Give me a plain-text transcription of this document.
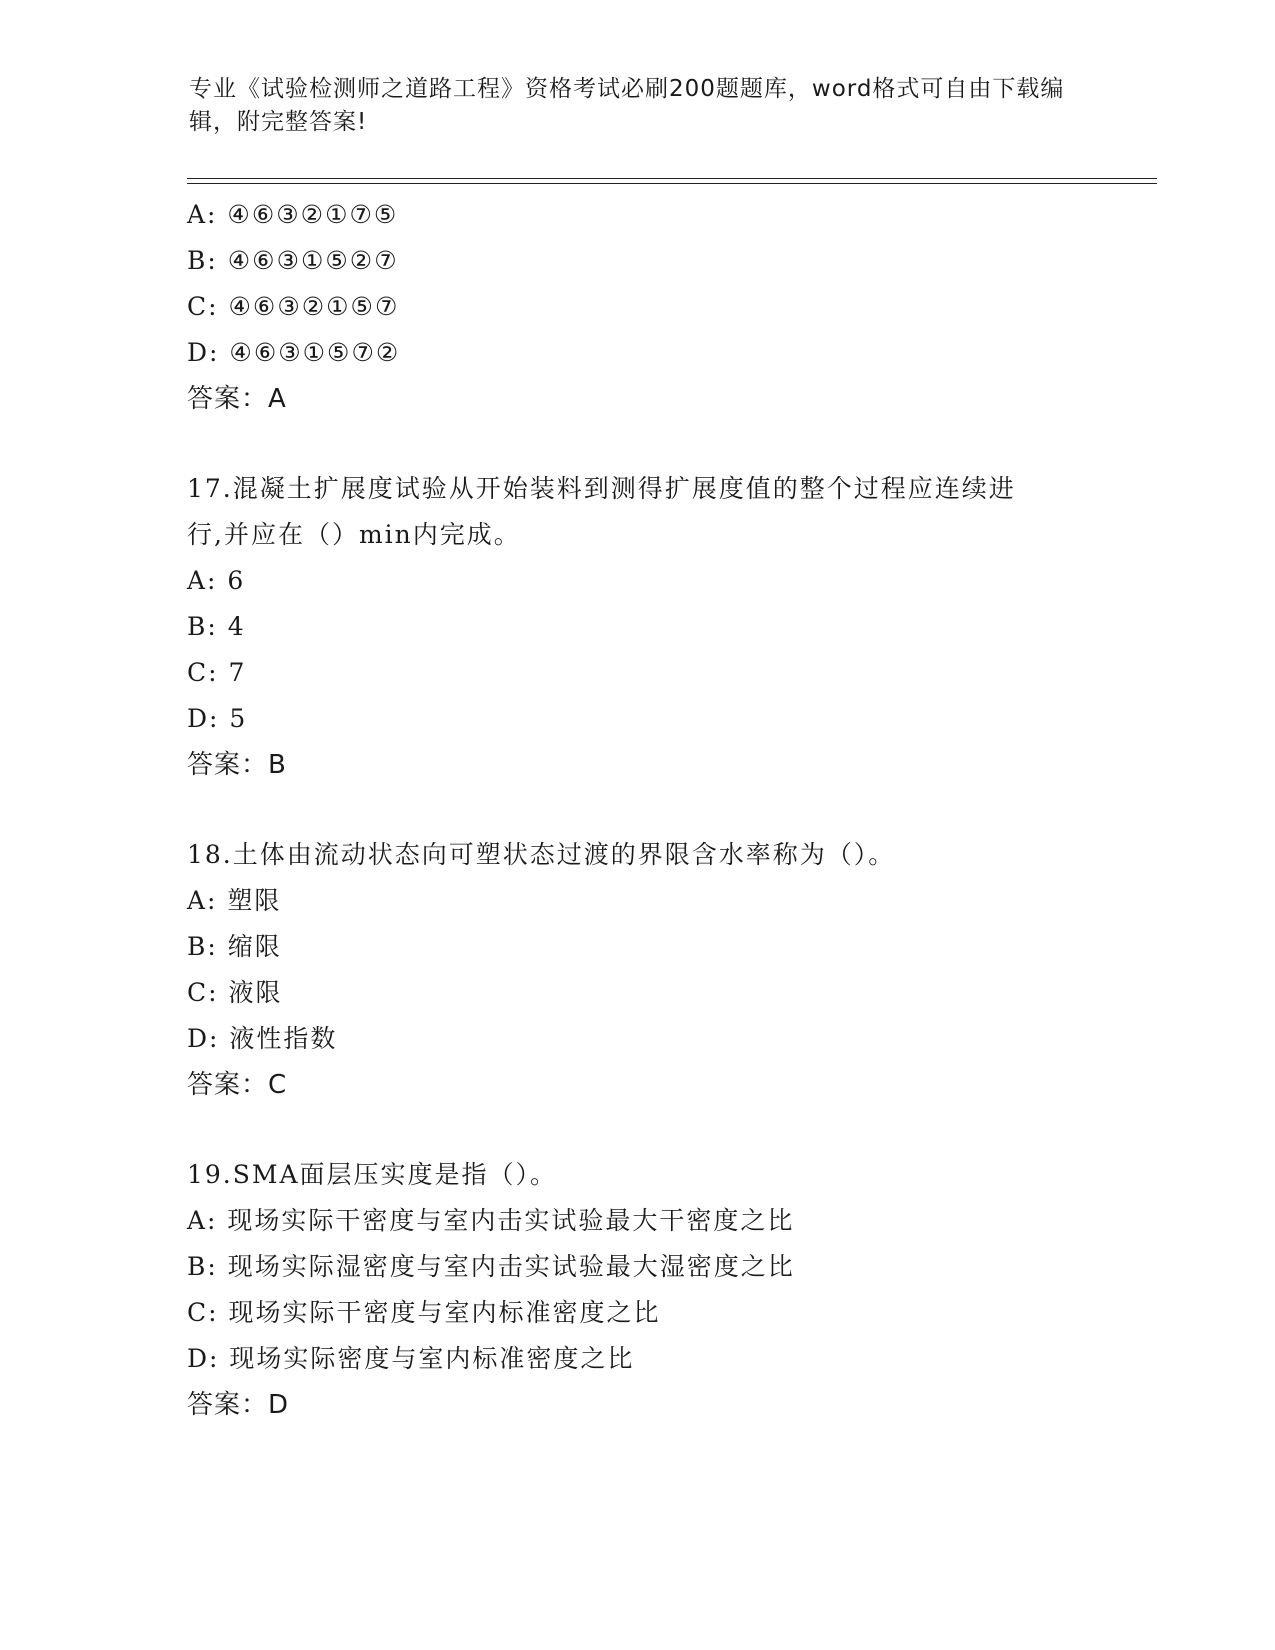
专业《试验检测师之道路工程》资格考试必刷200题题库，word格式可自由下载编辑，附完整答案!
A: ④⑥③②①⑦⑤
B: ④⑥③①⑤②⑦
C: ④⑥③②①⑤⑦
D: ④⑥③①⑤⑦②
答案：A
17.混凝土扩展度试验从开始装料到测得扩展度值的整个过程应连续进
行,并应在（）min内完成。
A: 6
B: 4
C: 7
D: 5
答案：B
18.土体由流动状态向可塑状态过渡的界限含水率称为（）。
A: 塑限
B: 缩限
C: 液限
D: 液性指数
答案：C
19.SMA面层压实度是指（）。
A: 现场实际干密度与室内击实试验最大干密度之比
B: 现场实际湿密度与室内击实试验最大湿密度之比
C: 现场实际干密度与室内标准密度之比
D: 现场实际密度与室内标准密度之比
答案：D
